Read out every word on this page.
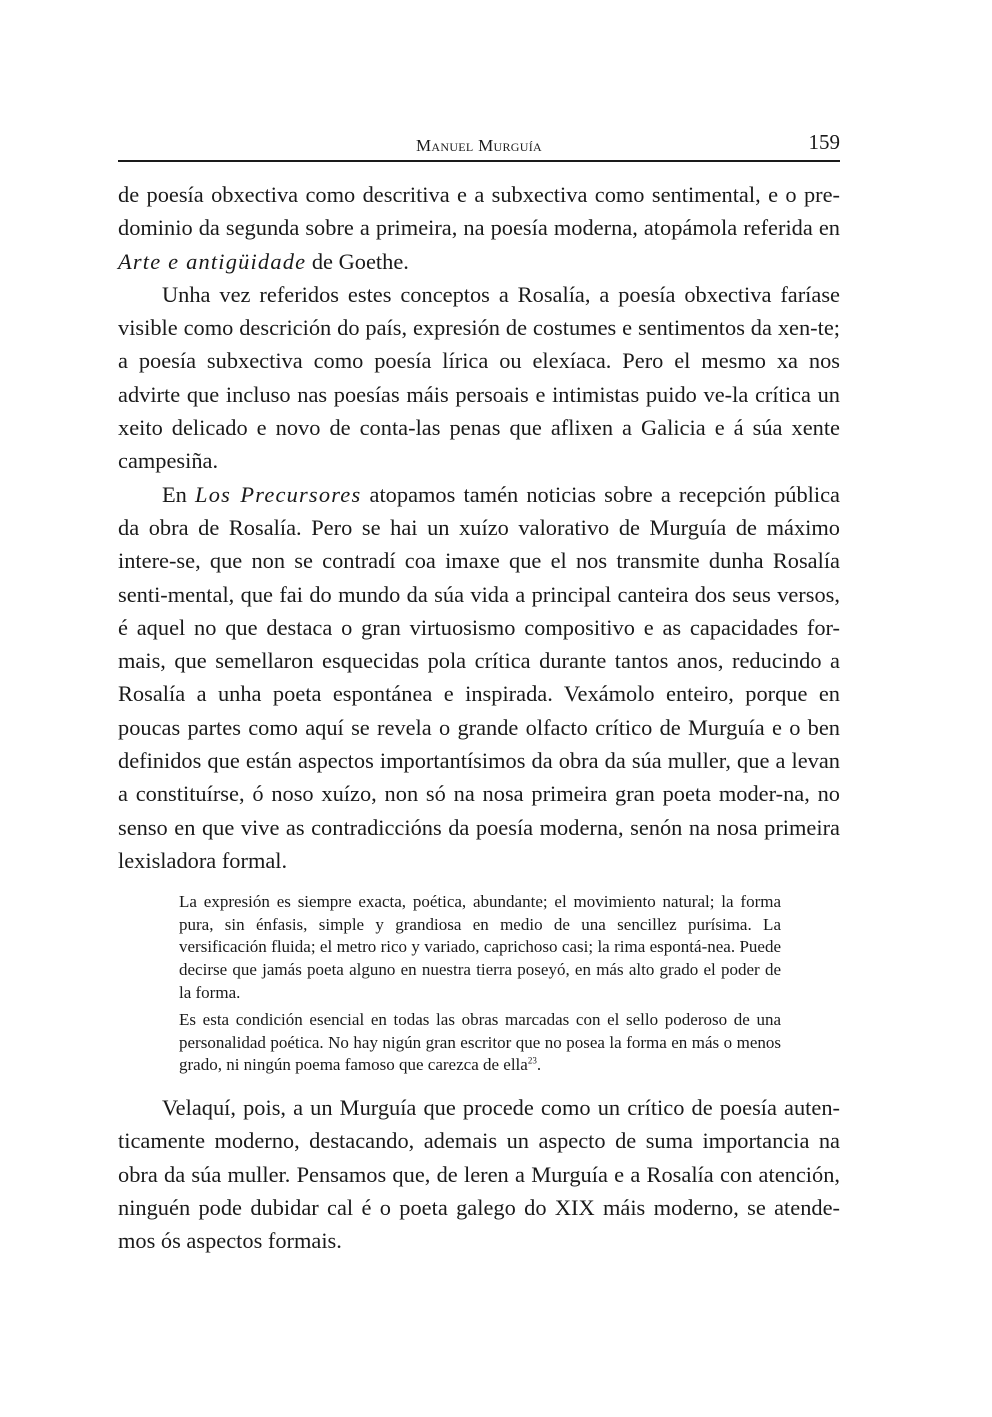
Manuel Murguía	159

de poesía obxectiva como descritiva e a subxectiva como sentimental, e o pre-dominio da segunda sobre a primeira, na poesía moderna, atopámola referida en Arte e antigüidade de Goethe.

Unha vez referidos estes conceptos a Rosalía, a poesía obxectiva faríase visible como descrición do país, expresión de costumes e sentimentos da xen-te; a poesía subxectiva como poesía lírica ou elexíaca. Pero el mesmo xa nos advirte que incluso nas poesías máis persoais e intimistas puido ve-la crítica un xeito delicado e novo de conta-las penas que aflixen a Galicia e á súa xente campesiña.

En Los Precursores atopamos tamén noticias sobre a recepción pública da obra de Rosalía. Pero se hai un xuízo valorativo de Murguía de máximo intere-se, que non se contradí coa imaxe que el nos transmite dunha Rosalía senti-mental, que fai do mundo da súa vida a principal canteira dos seus versos, é aquel no que destaca o gran virtuosismo compositivo e as capacidades for-mais, que semellaron esquecidas pola crítica durante tantos anos, reducindo a Rosalía a unha poeta espontánea e inspirada. Vexámolo enteiro, porque en poucas partes como aquí se revela o grande olfacto crítico de Murguía e o ben definidos que están aspectos importantísimos da obra da súa muller, que a levan a constituírse, ó noso xuízo, non só na nosa primeira gran poeta moder-na, no senso en que vive as contradiccións da poesía moderna, senón na nosa primeira lexisladora formal.

La expresión es siempre exacta, poética, abundante; el movimiento natural; la forma pura, sin énfasis, simple y grandiosa en medio de una sencillez purísima. La versificación fluida; el metro rico y variado, caprichoso casi; la rima espontá-nea. Puede decirse que jamás poeta alguno en nuestra tierra poseyó, en más alto grado el poder de la forma.

Es esta condición esencial en todas las obras marcadas con el sello poderoso de una personalidad poética. No hay nigún gran escritor que no posea la forma en más o menos grado, ni ningún poema famoso que carezca de ella$^{23}$.

Velaquí, pois, a un Murguía que procede como un crítico de poesía auten-ticamente moderno, destacando, ademais un aspecto de suma importancia na obra da súa muller. Pensamos que, de leren a Murguía e a Rosalía con atención, ninguén pode dubidar cal é o poeta galego do XIX máis moderno, se atende-mos ós aspectos formais.
